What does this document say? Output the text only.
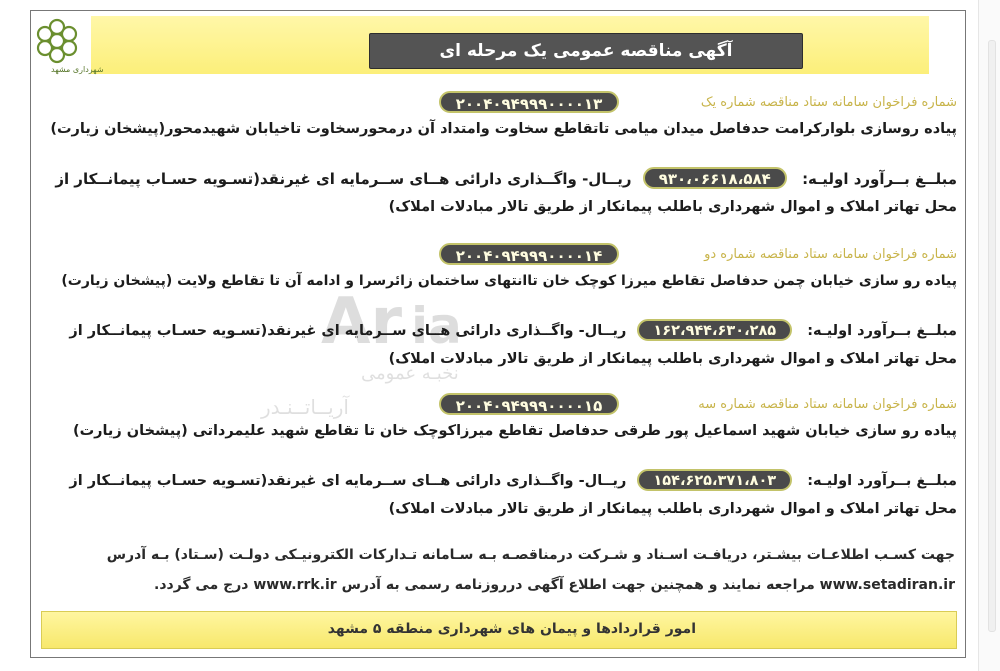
شهرداری مشهد
آگهی مناقصه عمومی یک مرحله ای
Ar ia
نخبـه عمومی
آریــاتــنـدر
شماره فراخوان سامانه ستاد مناقصه شماره یک
۲۰۰۴۰۹۴۹۹۹۰۰۰۰۱۳
پیاده روسازی بلوارکرامت حدفاصل میدان میامی تاتقاطع سخاوت وامتداد آن درمحورسخاوت تاخیابان شهیدمحور(پیشخان زیارت)
مبلــغ بــرآورد اولیـه: ۹۳۰،۰۶۶۱۸،۵۸۴ ریــال- واگــذاری دارائی هــای ســرمایه ای غیرنقد(تسـویه حسـاب پیمانــکار از
محل تهاتر املاک و اموال شهرداری باطلب پیمانکار از طریق تالار مبادلات املاک)
شماره فراخوان سامانه ستاد مناقصه شماره دو
۲۰۰۴۰۹۴۹۹۹۰۰۰۰۱۴
پیاده رو سازی خیابان چمن حدفاصل تقاطع میرزا کوچک خان تاانتهای ساختمان زائرسرا و ادامه آن تا تقاطع ولایت (پیشخان زیارت)
مبلــغ بــرآورد اولیـه: ۱۶۲،۹۴۴،۶۳۰،۲۸۵ ریــال- واگــذاری دارائی هــای ســرمایه ای غیرنقد(تسـویه حسـاب پیمانــکار از
محل تهاتر املاک و اموال شهرداری باطلب پیمانکار از طریق تالار مبادلات املاک)
شماره فراخوان سامانه ستاد مناقصه شماره سه
۲۰۰۴۰۹۴۹۹۹۰۰۰۰۱۵
پیاده رو سازی خیابان شهید اسماعیل پور طرقی حدفاصل تقاطع میرزاکوچک خان تا تقاطع شهید علیمرداتی (پیشخان زیارت)
مبلــغ بــرآورد اولیـه: ۱۵۴،۶۲۵،۳۷۱،۸۰۳ ریــال- واگــذاری دارائی هــای ســرمایه ای غیرنقد(تسـویه حسـاب پیمانــکار از
محل تهاتر املاک و اموال شهرداری باطلب پیمانکار از طریق تالار مبادلات املاک)
جهت کسـب اطلاعـات بیشـتر، دریافـت اسـناد و شـرکت درمناقصـه بـه سـامانه تـدارکات الکترونیـکی دولـت (سـتاد) بـه آدرس
www.setadiran.ir مراجعه نمایند و همچنین جهت اطلاع آگهی درروزنامه رسمی به آدرس www.rrk.ir درج می گردد.
امور قراردادها و پیمان های شهرداری منطقه ۵ مشهد
